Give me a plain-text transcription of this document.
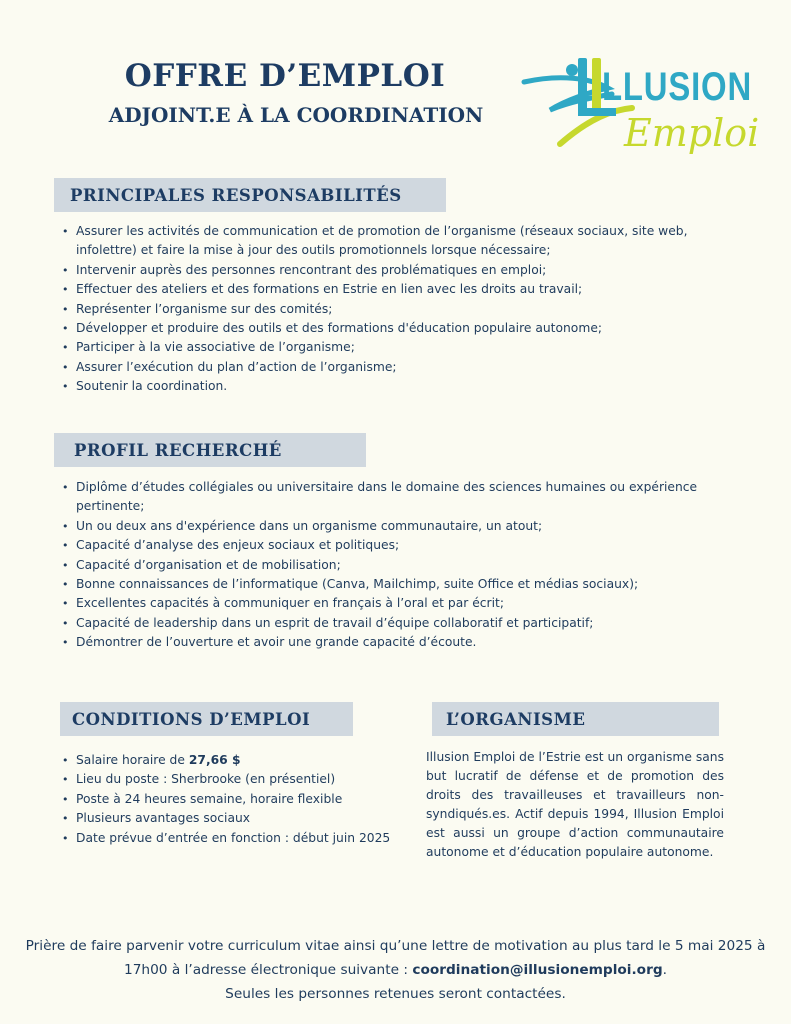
OFFRE D’EMPLOI
ADJOINT.E À LA COORDINATION
LLUSION
Emploi
PRINCIPALES RESPONSABILITÉS
• Assurer les activités de communication et de promotion de l’organisme (réseaux sociaux, site web, infolettre) et faire la mise à jour des outils promotionnels lorsque nécessaire;
• Intervenir auprès des personnes rencontrant des problématiques en emploi;
• Effectuer des ateliers et des formations en Estrie en lien avec les droits au travail;
• Représenter l’organisme sur des comités;
• Développer et produire des outils et des formations d'éducation populaire autonome;
• Participer à la vie associative de l’organisme;
• Assurer l’exécution du plan d’action de l’organisme;
• Soutenir la coordination.
PROFIL RECHERCHÉ
• Diplôme d’études collégiales ou universitaire dans le domaine des sciences humaines ou expérience pertinente;
• Un ou deux ans d'expérience dans un organisme communautaire, un atout;
• Capacité d’analyse des enjeux sociaux et politiques;
• Capacité d’organisation et de mobilisation;
• Bonne connaissances de l’informatique (Canva, Mailchimp, suite Office et médias sociaux);
• Excellentes capacités à communiquer en français à l’oral et par écrit;
• Capacité de leadership dans un esprit de travail d’équipe collaboratif et participatif;
• Démontrer de l’ouverture et avoir une grande capacité d’écoute.
CONDITIONS D’EMPLOI
• Salaire horaire de 27,66 $
• Lieu du poste : Sherbrooke (en présentiel)
• Poste à 24 heures semaine, horaire flexible
• Plusieurs avantages sociaux
• Date prévue d’entrée en fonction : début juin 2025
L’ORGANISME
Illusion Emploi de l’Estrie est un organisme sans but lucratif de défense et de promotion des droits des travailleuses et travailleurs non-syndiqués.es. Actif depuis 1994, Illusion Emploi est aussi un groupe d’action communautaire autonome et d’éducation populaire autonome.
Prière de faire parvenir votre curriculum vitae ainsi qu’une lettre de motivation au plus tard le 5 mai 2025 à 17h00 à l’adresse électronique suivante : coordination@illusionemploi.org.
Seules les personnes retenues seront contactées.
